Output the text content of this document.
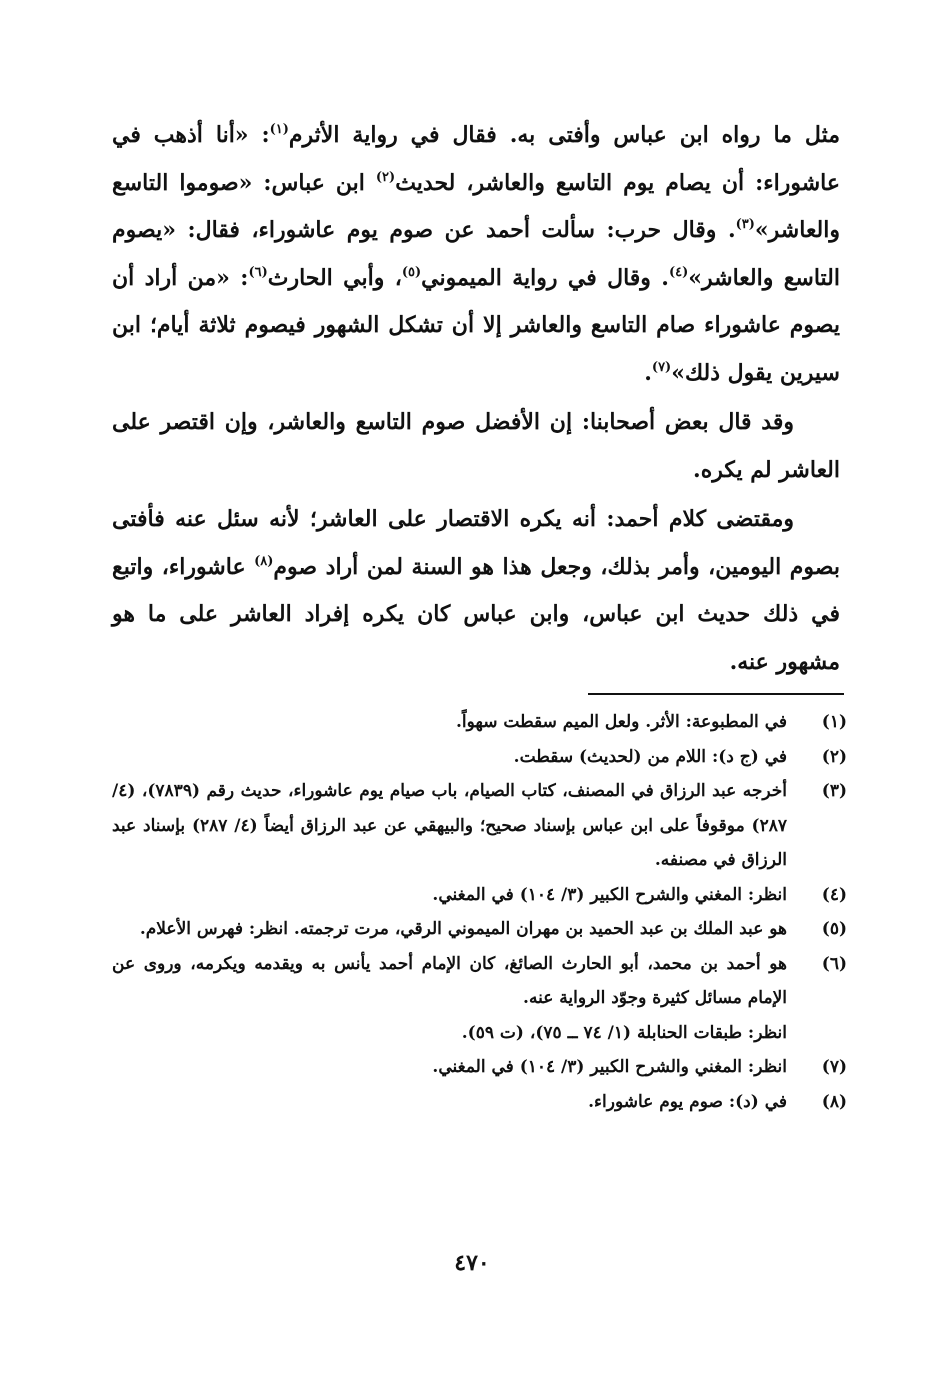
مثل ما رواه ابن عباس وأفتى به. فقال في رواية الأثرم$^{(١)}$: «أنا أذهب في عاشوراء: أن يصام يوم التاسع والعاشر، لحديث$^{(٢)}$ ابن عباس: «صوموا التاسع والعاشر»$^{(٣)}$. وقال حرب: سألت أحمد عن صوم يوم عاشوراء، فقال: «يصوم التاسع والعاشر»$^{(٤)}$. وقال في رواية الميموني$^{(٥)}$، وأبي الحارث$^{(٦)}$: «من أراد أن يصوم عاشوراء صام التاسع والعاشر إلا أن تشكل الشهور فيصوم ثلاثة أيام؛ ابن سيرين يقول ذلك»$^{(٧)}$.

وقد قال بعض أصحابنا: إن الأفضل صوم التاسع والعاشر، وإن اقتصر على العاشر لم يكره.

ومقتضى كلام أحمد: أنه يكره الاقتصار على العاشر؛ لأنه سئل عنه فأفتى بصوم اليومين، وأمر بذلك، وجعل هذا هو السنة لمن أراد صوم$^{(٨)}$ عاشوراء، واتبع في ذلك حديث ابن عباس، وابن عباس كان يكره إفراد العاشر على ما هو مشهور عنه.

(١)
في المطبوعة: الأثر. ولعل الميم سقطت سهواً.
(٢)
في (ج د): اللام من (لحديث) سقطت.
(٣)
أخرجه عبد الرزاق في المصنف، كتاب الصيام، باب صيام يوم عاشوراء، حديث رقم (٧٨٣٩)، (٤/ ٢٨٧) موقوفاً على ابن عباس بإسناد صحيح؛ والبيهقي عن عبد الرزاق أيضاً (٤/ ٢٨٧) بإسناد عبد الرزاق في مصنفه.
(٤)
انظر: المغني والشرح الكبير (٣/ ١٠٤) في المغني.
(٥)
هو عبد الملك بن عبد الحميد بن مهران الميموني الرقي، مرت ترجمته. انظر: فهرس الأعلام.
(٦)
هو أحمد بن محمد، أبو الحارث الصائغ، كان الإمام أحمد يأنس به ويقدمه ويكرمه، وروى عن الإمام مسائل كثيرة وجوّد الرواية عنه.
انظر: طبقات الحنابلة (١/ ٧٤ ــ ٧٥)، (ت ٥٩).
(٧)
انظر: المغني والشرح الكبير (٣/ ١٠٤) في المغني.
(٨)
في (د): صوم يوم عاشوراء.
٤٧٠
